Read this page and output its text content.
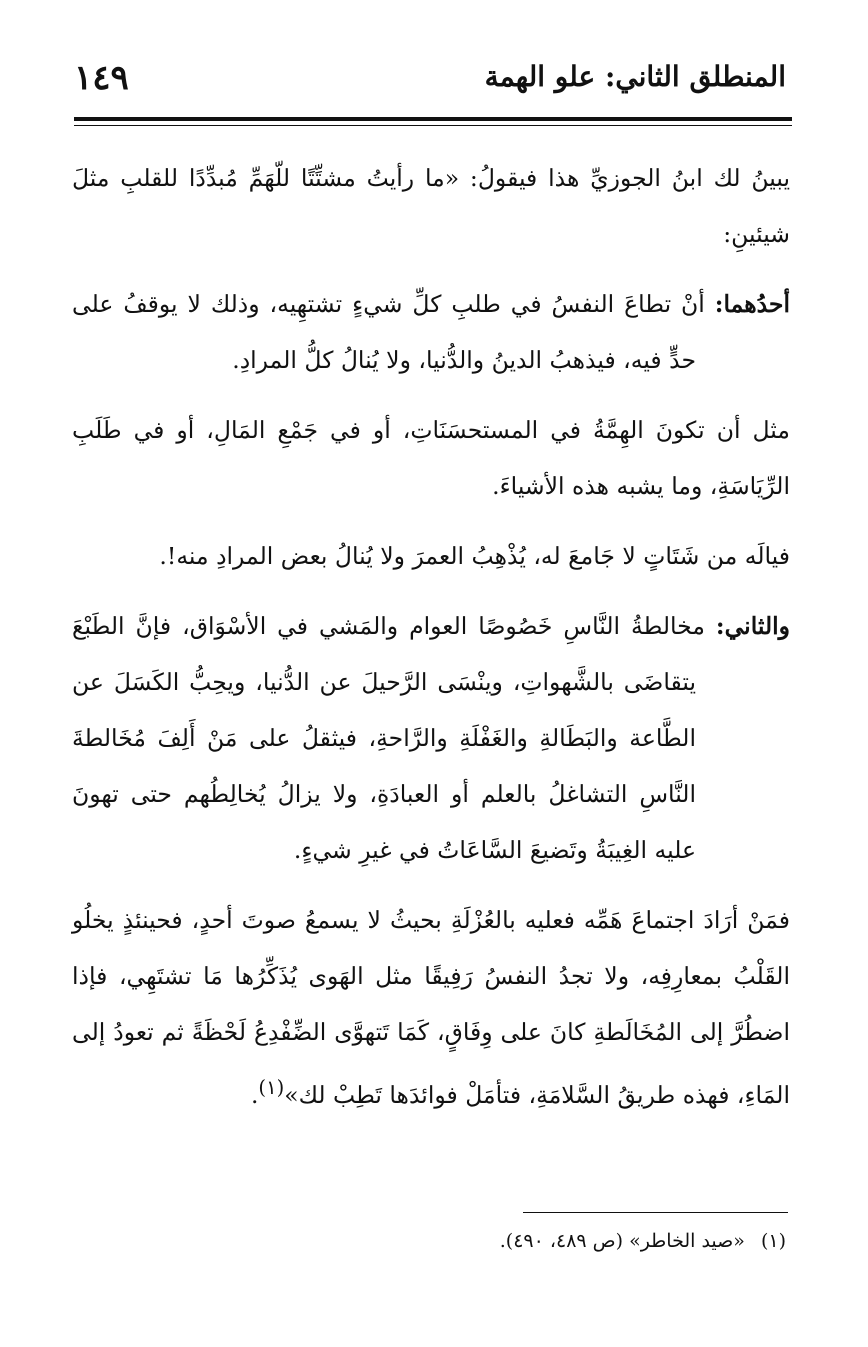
المنطلق الثاني: علو الهمة
١٤٩

يبينُ لك ابنُ الجوزيِّ هذا فيقولُ: «ما رأيتُ مشتِّتًا للّهَمِّ مُبدِّدًا للقلبِ مثلَ شيئينِ:

أحدُهما: أنْ تطاعَ النفسُ في طلبِ كلِّ شيءٍ تشتهِيه، وذلك لا يوقفُ على حدٍّ فيه، فيذهبُ الدينُ والدُّنيا، ولا يُنالُ كلُّ المرادِ.

مثل أن تكونَ الهِمَّةُ في المستحسَنَاتِ، أو في جَمْعِ المَالِ، أو في طَلَبِ الرِّيَاسَةِ، وما يشبه هذه الأشياءَ.

فيالَه من شَتَاتٍ لا جَامعَ له، يُذْهِبُ العمرَ ولا يُنالُ بعض المرادِ منه!.

والثاني: مخالطةُ النَّاسِ خَصُوصًا العوام والمَشي في الأسْوَاق، فإنَّ الطَبْعَ يتقاضَى بالشَّهواتِ، وينْسَى الرَّحيلَ عن الدُّنيا، ويحِبُّ الكَسَلَ عن الطَّاعة والبَطَالةِ والغَفْلَةِ والرَّاحةِ، فيثقلُ على مَنْ أَلِفَ مُخَالطةَ النَّاسِ التشاغلُ بالعلم أو العبادَةِ، ولا يزالُ يُخالِطُهم حتى تهونَ عليه الغِيبَةُ وتَضيعَ السَّاعَاتُ في غيرِ شيءٍ.

فمَنْ أرَادَ اجتماعَ هَمِّه فعليه بالعُزْلَةِ بحيثُ لا يسمعُ صوتَ أحدٍ، فحينئذٍ يخلُو القَلْبُ بمعارِفِه، ولا تجدُ النفسُ رَفِيقًا مثل الهَوى يُذَكِّرُها مَا تشتَهِي، فإذا اضطُرَّ إلى المُخَالَطةِ كانَ على وِفَاقٍ، كَمَا تَتهوَّى الضِّفْدِعُ لَحْظَةً ثم تعودُ إلى المَاءِ، فهذه طريقُ السَّلامَةِ، فتأمَلْ فوائدَها تَطِبْ لك»$^{(١)}$.

(١)«صيد الخاطر» (ص ٤٨٩، ٤٩٠).
